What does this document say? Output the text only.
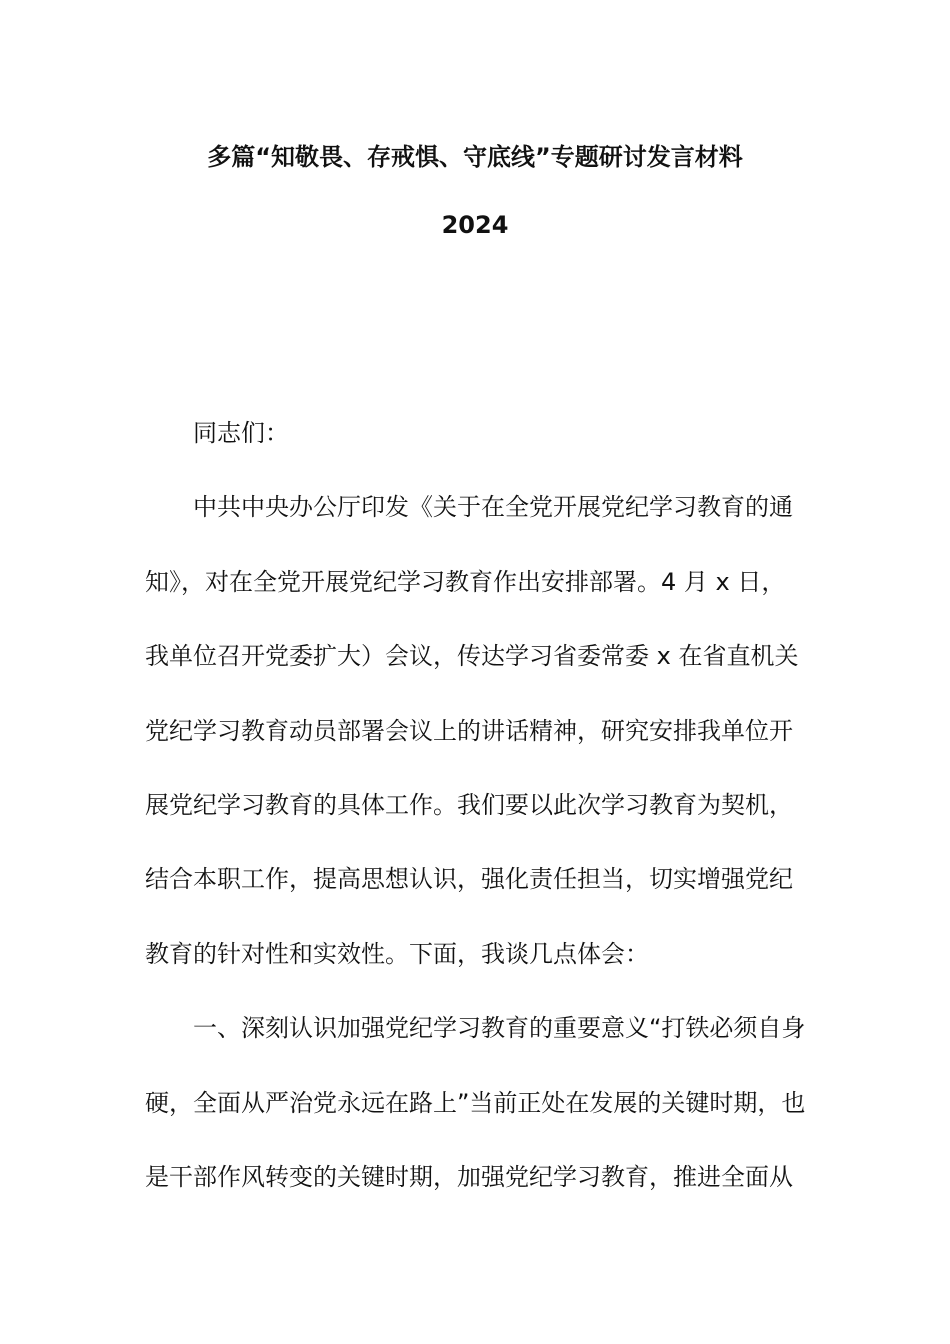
多篇“知敬畏、存戒惧、守底线”专题研讨发言材料
2024

同志们：

中共中央办公厅印发《关于在全党开展党纪学习教育的通
知》，对在全党开展党纪学习教育作出安排部署。4 月 x 日，
我单位召开党委扩大）会议，传达学习省委常委 x 在省直机关
党纪学习教育动员部署会议上的讲话精神，研究安排我单位开
展党纪学习教育的具体工作。我们要以此次学习教育为契机，
结合本职工作，提高思想认识，强化责任担当，切实增强党纪
教育的针对性和实效性。下面，我谈几点体会：

一、深刻认识加强党纪学习教育的重要意义“打铁必须自身
硬，全面从严治党永远在路上”当前正处在发展的关键时期，也
是干部作风转变的关键时期，加强党纪学习教育，推进全面从
